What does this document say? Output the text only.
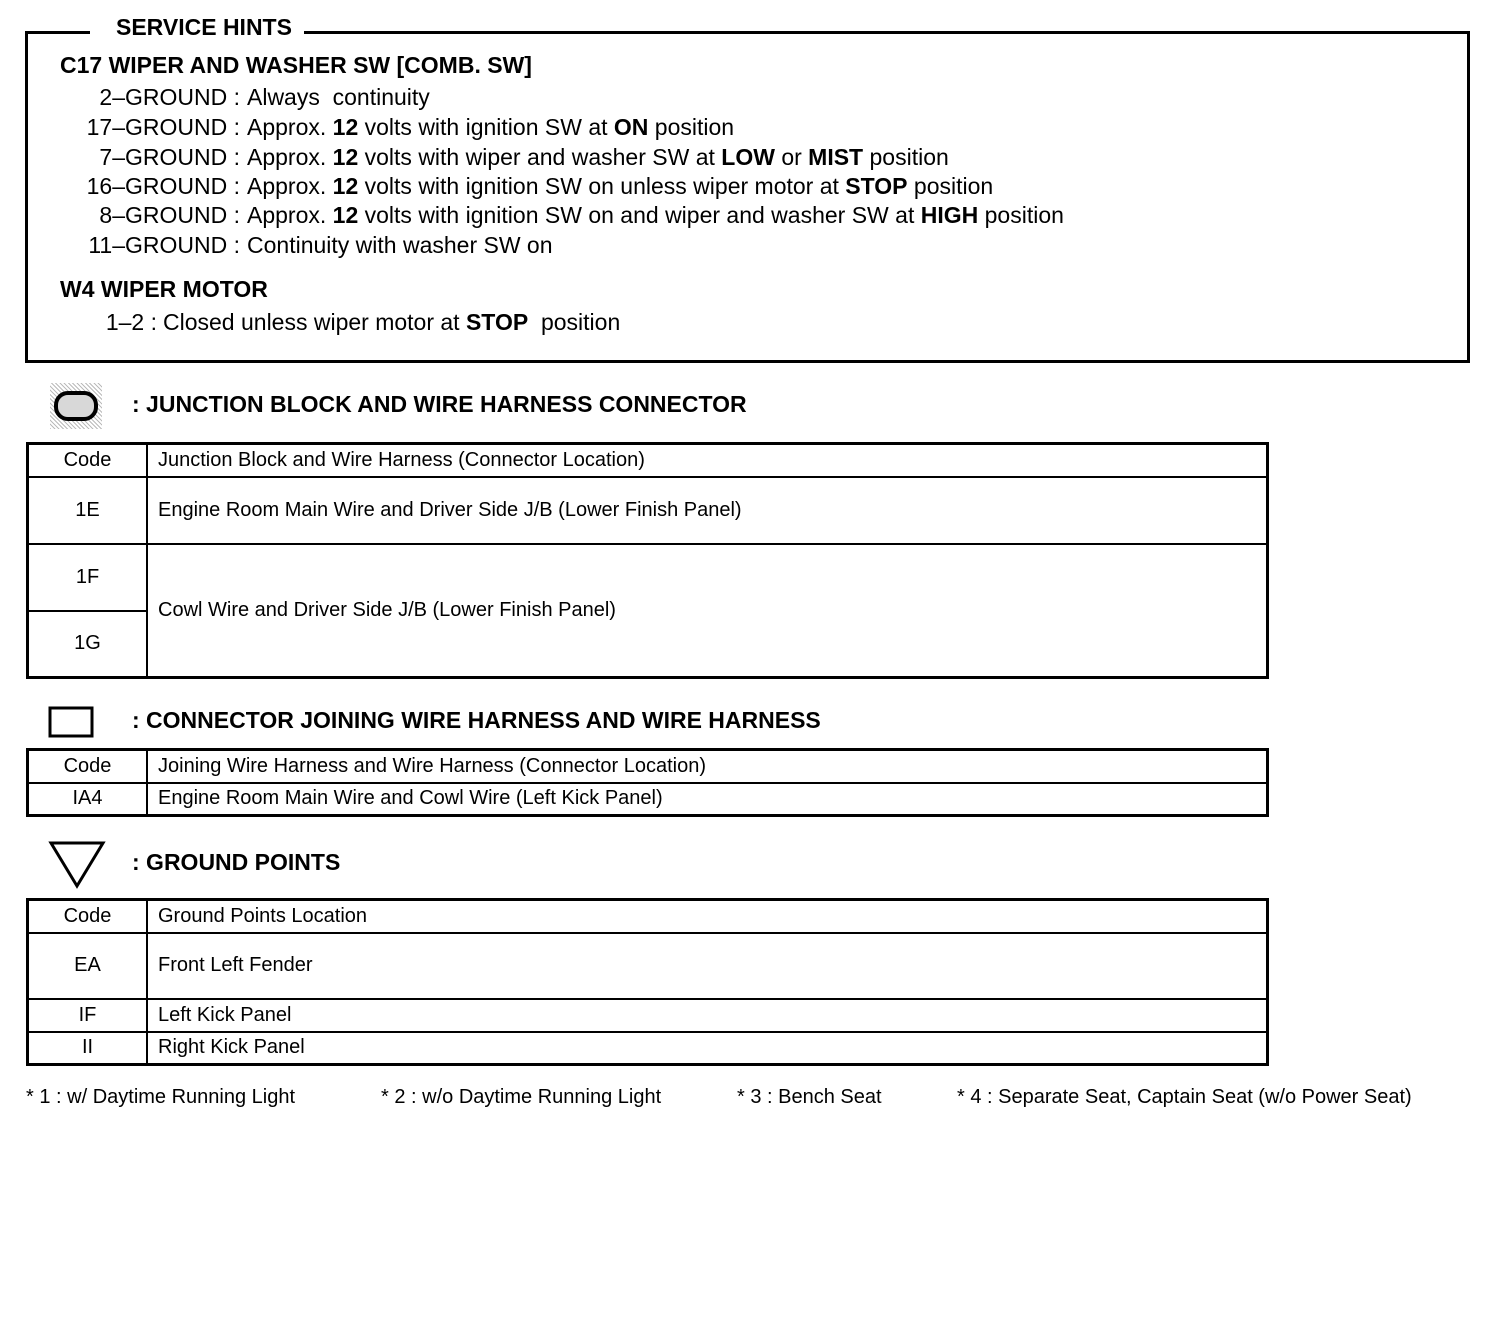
SERVICE HINTS
C17 WIPER AND WASHER SW [COMB. SW]
2–GROUND : Always  continuity
17–GROUND : Approx. 12 volts with ignition SW at ON position
7–GROUND : Approx. 12 volts with wiper and washer SW at LOW or MIST position
16–GROUND : Approx. 12 volts with ignition SW on unless wiper motor at STOP position
8–GROUND : Approx. 12 volts with ignition SW on and wiper and washer SW at HIGH position
11–GROUND : Continuity with washer SW on
W4 WIPER MOTOR
1–2 : Closed unless wiper motor at STOP  position
: JUNCTION BLOCK AND WIRE HARNESS CONNECTOR
Code	Junction Block and Wire Harness (Connector Location)
1E	Engine Room Main Wire and Driver Side J/B (Lower Finish Panel)
1F	Cowl Wire and Driver Side J/B (Lower Finish Panel)
1G	
: CONNECTOR JOINING WIRE HARNESS AND WIRE HARNESS
Code	Joining Wire Harness and Wire Harness (Connector Location)
IA4	Engine Room Main Wire and Cowl Wire (Left Kick Panel)
: GROUND POINTS
Code	Ground Points Location
EA	Front Left Fender
IF	Left Kick Panel
II	Right Kick Panel
* 1 : w/ Daytime Running Light	* 2 : w/o Daytime Running Light	* 3 : Bench Seat	* 4 : Separate Seat, Captain Seat (w/o Power Seat)
